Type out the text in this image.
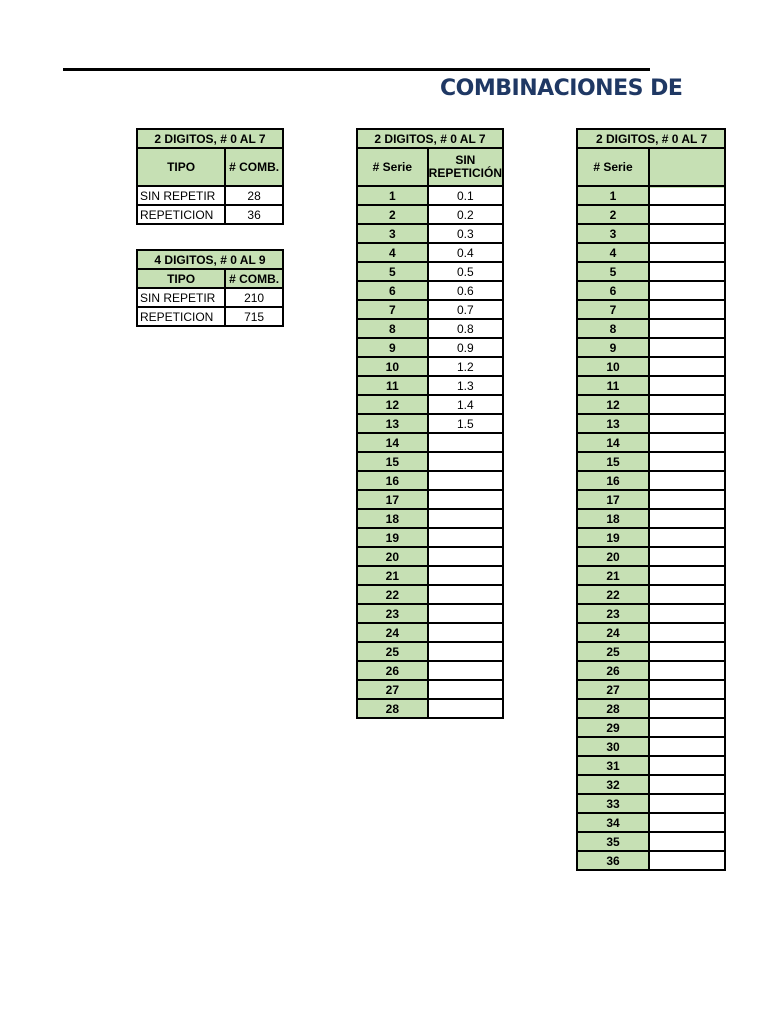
COMBINACIONES DE
2 DIGITOS, # 0 AL 7	
TIPO	# COMB.
SIN REPETIR	28
REPETICION	36
4 DIGITOS, # 0 AL 9	
TIPO	# COMB.
SIN REPETIR	210
REPETICION	715
2 DIGITOS, # 0 AL 7	
# Serie	SIN REPETICIÓN
1	0.1
2	0.2
3	0.3
4	0.4
5	0.5
6	0.6
7	0.7
8	0.8
9	0.9
10	1.2
11	1.3
12	1.4
13	1.5
14	
15	
16	
17	
18	
19	
20	
21	
22	
23	
24	
25	
26	
27	
28	
2 DIGITOS, # 0 AL 7	
# Serie	
1	
2	
3	
4	
5	
6	
7	
8	
9	
10	
11	
12	
13	
14	
15	
16	
17	
18	
19	
20	
21	
22	
23	
24	
25	
26	
27	
28	
29	
30	
31	
32	
33	
34	
35	
36	
